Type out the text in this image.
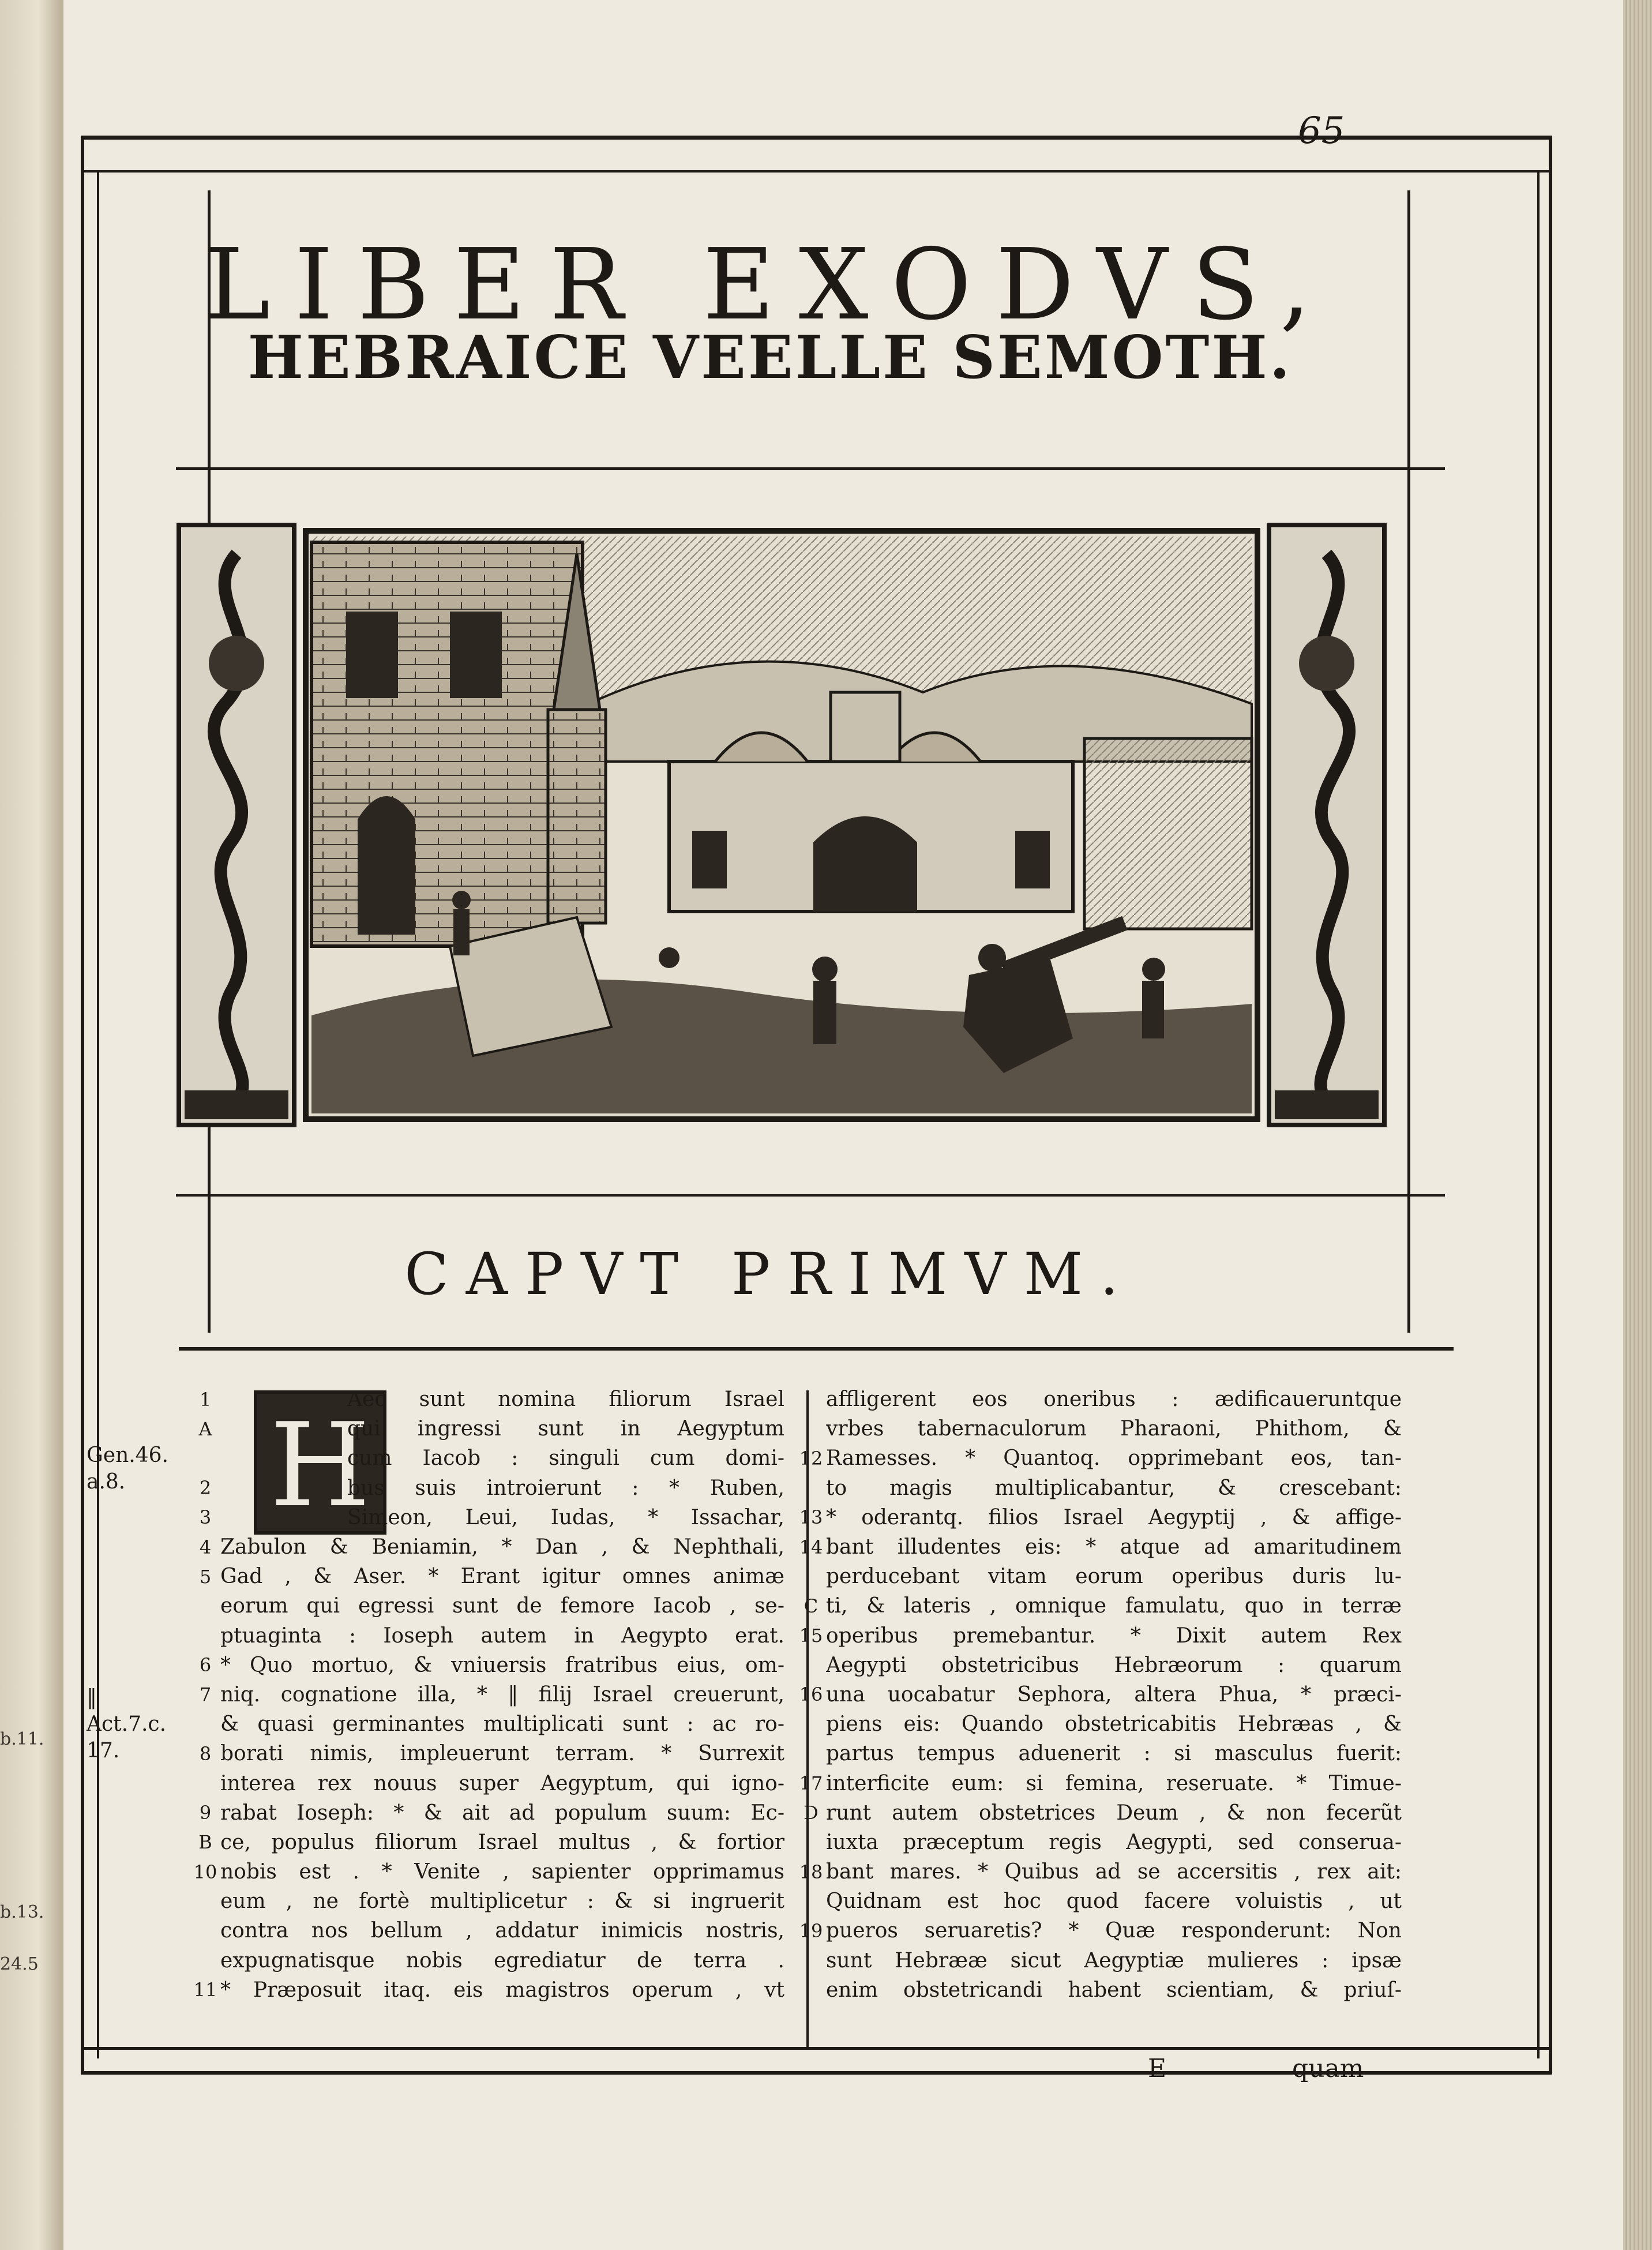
b.11.
b.13.
24.5
65
LIBER EXODVS,
HEBRAICE VEELLE SEMOTH.
CAPVT PRIMVM.
H
Gen.46. a.8.
‖ Act.7.c. 17.
1	Aec sunt nomina filiorum Israel
A	qui ingressi sunt in Aegyptum
cum Iacob : singuli cum domi-
2	bus suis introierunt : * Ruben,
3	Simeon, Leui, Iudas, * Issachar,
4 Zabulon & Beniamin, * Dan , & Nephthali,
5 Gad , & Aser. * Erant igitur omnes animæ
eorum qui egressi sunt de femore Iacob , se-
ptuaginta : Ioseph autem in Aegypto erat.
6 * Quo mortuo, & vniuersis fratribus eius, om-
7 niq. cognatione illa, * ‖ filij Israel creuerunt,
& quasi germinantes multiplicati sunt : ac ro-
8 borati nimis, impleuerunt terram. * Surrexit
interea rex nouus super Aegyptum, qui igno-
9 rabat Ioseph: * & ait ad populum suum: Ec-
B ce, populus filiorum Israel multus , & fortior
10 nobis est . * Venite , sapienter opprimamus
eum , ne fortè multiplicetur : & si ingruerit
contra nos bellum , addatur inimicis nostris,
expugnatisque nobis egrediatur de terra .
11 * Præposuit itaq. eis magistros operum , vt
affligerent eos oneribus : ædificaueruntque
vrbes tabernaculorum Pharaoni, Phithom, &
12 Ramesses. * Quantoq. opprimebant eos, tan-
to magis multiplicabantur, & crescebant:
13 * oderantq. filios Israel Aegyptij , & affige-
14 bant illudentes eis: * atque ad amaritudinem
perducebant vitam eorum operibus duris lu-
C ti, & lateris , omnique famulatu, quo in terræ
15 operibus premebantur. * Dixit autem Rex
Aegypti obstetricibus Hebræorum : quarum
16 una uocabatur Sephora, altera Phua, * præci-
piens eis: Quando obstetricabitis Hebræas , &
partus tempus aduenerit : si masculus fuerit:
17 interficite eum: si femina, reseruate. * Timue-
D runt autem obstetrices Deum , & non fecerũt
iuxta præceptum regis Aegypti, sed conserua-
18 bant mares. * Quibus ad se accersitis , rex ait:
Quidnam est hoc quod facere voluistis , ut
19 pueros seruaretis? * Quæ responderunt: Non
sunt Hebrææ sicut Aegyptiæ mulieres : ipsæ
enim obstetricandi habent scientiam, & priuſ-
E	quam
